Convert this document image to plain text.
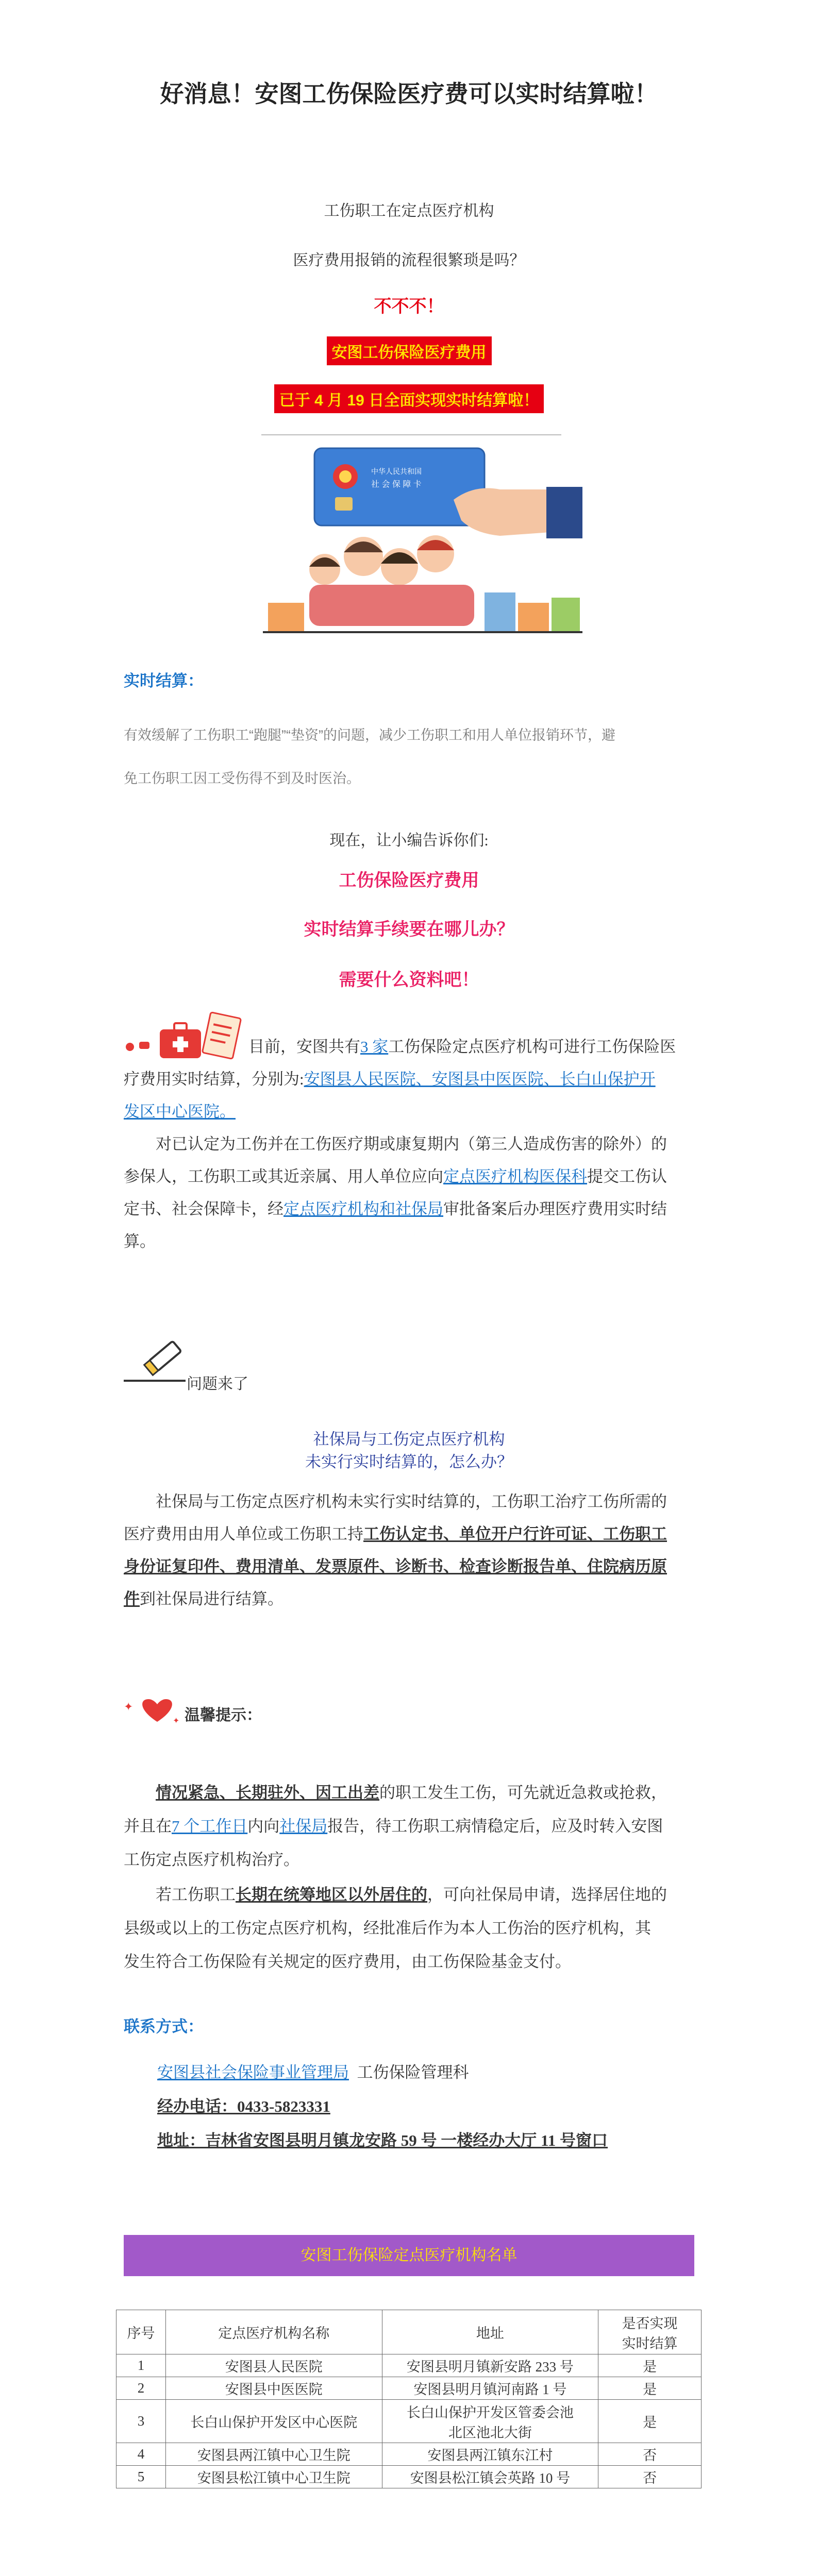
好消息！安图工伤保险医疗费可以实时结算啦！
工伤职工在定点医疗机构
医疗费用报销的流程很繁琐是吗？
不不不！
安图工伤保险医疗费用
已于 4 月 19 日全面实现实时结算啦！
中华人民共和国
社 会 保 障 卡
实时结算：
有效缓解了工伤职工“跑腿”“垫资”的问题，减少工伤职工和用人单位报销环节，避
免工伤职工因工受伤得不到及时医治。
现在，让小编告诉你们:
工伤保险医疗费用
实时结算手续要在哪儿办？
需要什么资料吧！
目前，安图共有3 家工伤保险定点医疗机构可进行工伤保险医
疗费用实时结算，分别为:安图县人民医院、安图县中医医院、长白山保护开
发区中心医院。
对已认定为工伤并在工伤医疗期或康复期内（第三人造成伤害的除外）的
参保人，工伤职工或其近亲属、用人单位应向定点医疗机构医保科提交工伤认
定书、社会保障卡，经定点医疗机构和社保局审批备案后办理医疗费用实时结
算。
问题来了
社保局与工伤定点医疗机构
未实行实时结算的，怎么办？
社保局与工伤定点医疗机构未实行实时结算的，工伤职工治疗工伤所需的
医疗费用由用人单位或工伤职工持工伤认定书、单位开户行许可证、工伤职工
身份证复印件、费用清单、发票原件、诊断书、检查诊断报告单、住院病历原
件到社保局进行结算。
✦
✦ 温馨提示：
情况紧急、长期驻外、因工出差的职工发生工伤，可先就近急救或抢救，
并且在7 个工作日内向社保局报告，待工伤职工病情稳定后，应及时转入安图
工伤定点医疗机构治疗。
若工伤职工长期在统筹地区以外居住的，可向社保局申请，选择居住地的
县级或以上的工伤定点医疗机构，经批准后作为本人工伤治的医疗机构，其
发生符合工伤保险有关规定的医疗费用，由工伤保险基金支付。
联系方式：
安图县社会保险事业管理局 工伤保险管理科
经办电话：0433-5823331
地址：吉林省安图县明月镇龙安路 59 号 一楼经办大厅 11 号窗口
安图工伤保险定点医疗机构名单
序号	定点医疗机构名称	地址	是否实现
实时结算

1	安图县人民医院	安图县明月镇新安路 233 号	是
2	安图县中医医院	安图县明月镇河南路 1 号	是
3	长白山保护开发区中心医院	长白山保护开发区管委会池
北区池北大街	是
4	安图县两江镇中心卫生院	安图县两江镇东江村	否
5	安图县松江镇中心卫生院	安图县松江镇会英路 10 号	否
